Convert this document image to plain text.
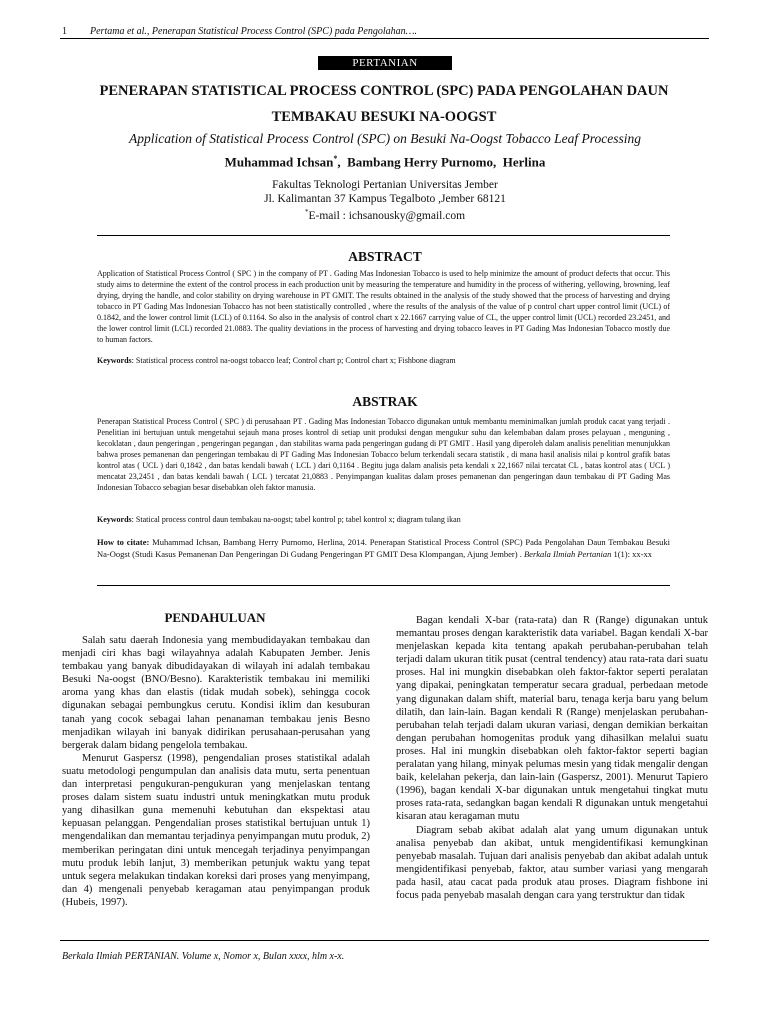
1 Pertama et al., Penerapan Statistical Process Control (SPC) pada Pengolahan….
PERTANIAN
PENERAPAN STATISTICAL PROCESS CONTROL (SPC) PADA PENGOLAHAN DAUN
TEMBAKAU BESUKI NA-OOGST
Application of Statistical Process Control (SPC) on Besuki Na-Oogst Tobacco Leaf Processing
Muhammad Ichsan*,  Bambang Herry Purnomo,  Herlina
Fakultas Teknologi Pertanian Universitas Jember
Jl. Kalimantan 37 Kampus Tegalboto ,Jember 68121
*E-mail : ichsanousky@gmail.com
ABSTRACT
Application of Statistical Process Control ( SPC ) in the company of PT . Gading Mas Indonesian Tobacco is used to help minimize the amount of product defects that occur. This study aims to determine the extent of the control process in each production unit by measuring the temperature and humidity in the process of withering, yellowing, browning, leaf drying, drying the handle, and color stability on drying warehouse in PT GMIT. The results obtained in the analysis of the study showed that the process of harvesting and drying tobacco in PT Gading Mas Indonesian Tobacco has not been statistically controlled , where the results of the analysis of the value of p control chart upper control limit (UCL) of 0.1842, and the lower control limit (LCL) of 0.1164. So also in the analysis of control chart x 22.1667 carrying value of CL, the upper control limit (UCL) recorded 23.2451, and the lower control limit (LCL) recorded 21.0883. The quality deviations in the process of harvesting and drying tobacco leaves in PT Gading Mas Indonesian Tobacco mostly due to human factors.
Keywords: Statistical process control na-oogst tobacco leaf; Control chart p; Control chart x; Fishbone diagram
ABSTRAK
Penerapan Statistical Process Control ( SPC ) di perusahaan PT . Gading Mas Indonesian Tobacco digunakan untuk membantu meminimalkan jumlah produk cacat yang terjadi . Penelitian ini bertujuan untuk mengetahui sejauh mana proses kontrol di setiap unit produksi dengan mengukur suhu dan kelembaban dalam proses pelayuan , menguning , kecoklatan , daun pengeringan , pengeringan pegangan , dan stabilitas warna pada pengeringan gudang di PT GMIT . Hasil yang diperoleh dalam analisis penelitian menunjukkan bahwa proses pemanenan dan pengeringan tembakau di PT Gading Mas Indonesian Tobacco belum terkendali secara statistik , di mana hasil analisis nilai p kontrol grafik batas kontrol atas ( UCL ) dari 0,1842 , dan batas kendali bawah ( LCL ) dari 0,1164 . Begitu juga dalam analisis peta kendali x 22,1667 nilai tercatat CL , batas kontrol atas ( UCL ) mencatat 23,2451 , dan batas kendali bawah ( LCL ) tercatat 21,0883 . Penyimpangan kualitas dalam proses pemanenan dan pengeringan daun tembakau di PT Gading Mas Indonesian Tobacco sebagian besar disebabkan oleh faktor manusia.
Keywords: Statical process control daun tembakau na-oogst; tabel kontrol p; tabel kontrol x; diagram tulang ikan
How to citate: Muhammad Ichsan, Bambang Herry Purnomo, Herlina, 2014. Penerapan Statistical Process Control (SPC) Pada Pengolahan Daun Tembakau Besuki Na-Oogst (Studi Kasus Pemanenan Dan Pengeringan Di Gudang Pengeringan PT GMIT Desa Klompangan, Ajung Jember) . Berkala Ilmiah Pertanian 1(1): xx-xx
PENDAHULUAN

Salah satu daerah Indonesia yang membudidayakan tembakau dan menjadi ciri khas bagi wilayahnya adalah Kabupaten Jember. Jenis tembakau yang banyak dibudidayakan di wilayah ini adalah tembakau Besuki Na-oogst (BNO/Besno). Karakteristik tembakau ini memiliki aroma yang khas dan elastis (tidak mudah sobek), sehingga cocok digunakan sebagai pembungkus cerutu. Kondisi iklim dan kesuburan tanah yang cocok sebagai lahan penanaman tembakau jenis Besno menjadikan wilayah ini banyak didirikan perusahaan-perusahan yang bergerak dalam bidang pengelola tembakau.

Menurut Gaspersz (1998), pengendalian proses statistikal adalah suatu metodologi pengumpulan dan analisis data mutu, serta penentuan dan interpretasi pengukuran-pengukuran yang menjelaskan tentang proses dalam sistem suatu industri untuk meningkatkan mutu produk yang dihasilkan guna memenuhi kebutuhan dan ekspektasi atau kepuasan pelanggan. Pengendalian proses statistikal bertujuan untuk 1) mengendalikan dan memantau terjadinya penyimpangan mutu produk, 2) memberikan peringatan dini untuk mencegah terjadinya penyimpangan mutu produk lebih lanjut, 3) memberikan petunjuk waktu yang tepat untuk segera melakukan tindakan koreksi dari proses yang menyimpang, dan 4) mengenali penyebab keragaman atau penyimpangan produk (Hubeis, 1997).

Bagan kendali X-bar (rata-rata) dan R (Range) digunakan untuk memantau proses dengan karakteristik data variabel. Bagan kendali X-bar menjelaskan kepada kita tentang apakah perubahan-perubahan telah terjadi dalam ukuran titik pusat (central tendency) atau rata-rata dari suatu proses. Hal ini mungkin disebabkan oleh faktor-faktor seperti peralatan yang dipakai, peningkatan temperatur secara gradual, perbedaan metode yang digunakan dalam shift, material baru, tenaga kerja baru yang belum dilatih, dan lain-lain. Bagan kendali R (Range) menjelaskan perubahan-perubahan telah terjadi dalam ukuran variasi, dengan demikian berkaitan dengan perubahan homogenitas produk yang dihasilkan melalui suatu proses. Hal ini mungkin disebabkan oleh faktor-faktor seperti bagian peralatan yang hilang, minyak pelumas mesin yang tidak mengalir dengan baik, kelelahan pekerja, dan lain-lain (Gaspersz, 2001). Menurut Tapiero (1996), bagan kendali X-bar digunakan untuk mengetahui tingkat mutu proses rata-rata, sedangkan bagan kendali R digunakan untuk mengetahui kisaran atau keragaman mutu

Diagram sebab akibat adalah alat yang umum digunakan untuk analisa penyebab dan akibat, untuk mengidentifikasi kemungkinan penyebab masalah. Tujuan dari analisis penyebab dan akibat adalah untuk mengidentifikasi penyebab, faktor, atau sumber variasi yang mengarah pada hasil, atau cacat pada produk atau proses. Diagram fishbone ini focus pada penyebab masalah dengan cara yang terstruktur dan tidak

Berkala Ilmiah PERTANIAN. Volume x, Nomor x, Bulan xxxx, hlm x-x.
